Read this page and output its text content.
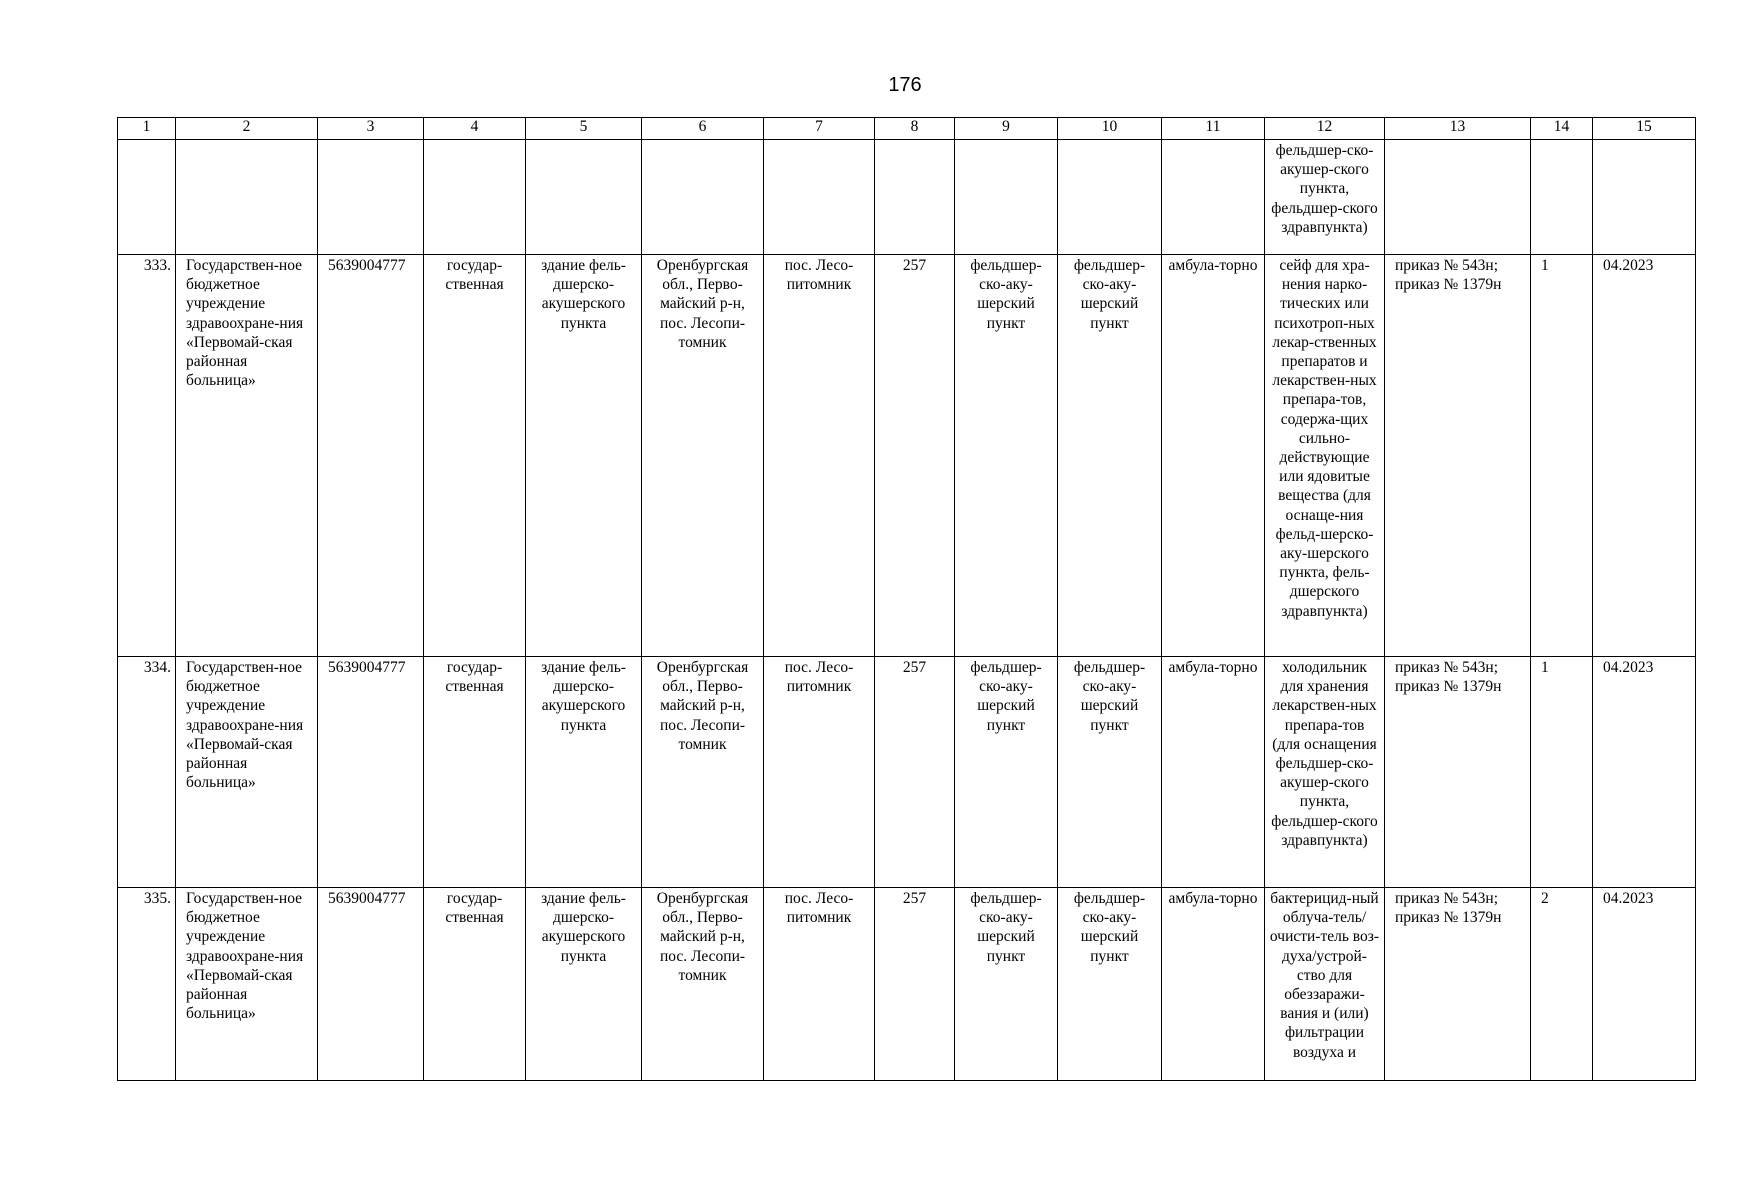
176
1	2	3	4	5	6	7	8	9	10	11	12	13	14	15
											фельдшер-ско-акушер-ского пункта, фельдшер-ского здравпункта)			
333.	Государствен-ное бюджетное учреждение здравоохране-ния «Первомай-ская районная больница»	5639004777	государ-ственная	здание фель-дшерско-акушерского пункта	Оренбургская обл., Перво-майский р-н, пос. Лесопи-томник	пос. Лесо-питомник	257	фельдшер-ско-аку-шерский пункт	фельдшер-ско-аку-шерский пункт	амбула-торно	сейф для хра-нения нарко-тических или психотроп-ных лекар-ственных препаратов и лекарствен-ных препара-тов, содержа-щих сильно-действующие или ядовитые вещества (для оснаще-ния фельд-шерско-аку-шерского пункта, фель-дшерского здравпункта)	приказ № 543н; приказ № 1379н	1	04.2023
334.	Государствен-ное бюджетное учреждение здравоохране-ния «Первомай-ская районная больница»	5639004777	государ-ственная	здание фель-дшерско-акушерского пункта	Оренбургская обл., Перво-майский р-н, пос. Лесопи-томник	пос. Лесо-питомник	257	фельдшер-ско-аку-шерский пункт	фельдшер-ско-аку-шерский пункт	амбула-торно	холодильник для хранения лекарствен-ных препара-тов (для оснащения фельдшер-ско-акушер-ского пункта, фельдшер-ского здравпункта)	приказ № 543н; приказ № 1379н	1	04.2023
335.	Государствен-ное бюджетное учреждение здравоохране-ния «Первомай-ская районная больница»	5639004777	государ-ственная	здание фель-дшерско-акушерского пункта	Оренбургская обл., Перво-майский р-н, пос. Лесопи-томник	пос. Лесо-питомник	257	фельдшер-ско-аку-шерский пункт	фельдшер-ско-аку-шерский пункт	амбула-торно	бактерицид-ный облуча-тель/очисти-тель воз-духа/устрой-ство для обеззаражи-вания и (или) фильтрации воздуха и	приказ № 543н; приказ № 1379н	2	04.2023
